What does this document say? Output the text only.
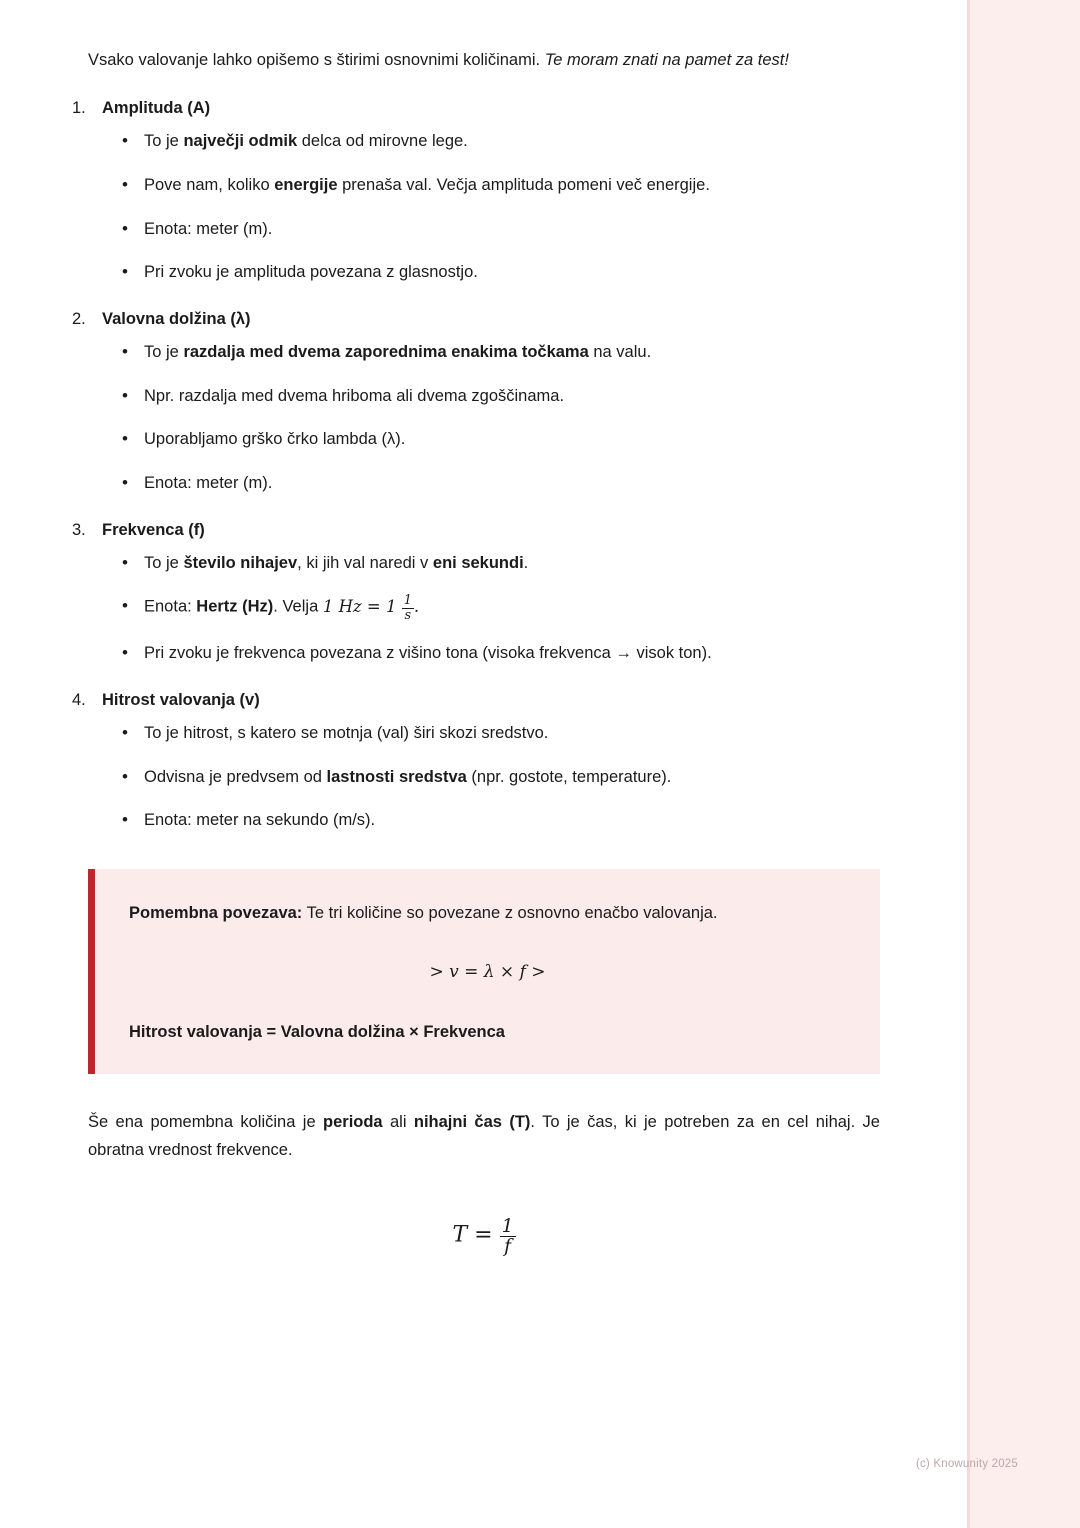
Vsako valovanje lahko opišemo s štirimi osnovnimi količinami. Te moram znati na pamet za test!

1. Amplituda (A)
• To je največji odmik delca od mirovne lege.
• Pove nam, koliko energije prenaša val. Večja amplituda pomeni več energije.
• Enota: meter (m).
• Pri zvoku je amplituda povezana z glasnostjo.
2. Valovna dolžina (λ)
• To je razdalja med dvema zaporednima enakima točkama na valu.
• Npr. razdalja med dvema hriboma ali dvema zgoščinama.
• Uporabljamo grško črko lambda (λ).
• Enota: meter (m).
3. Frekvenca (f)
• To je število nihajev, ki jih val naredi v eni sekundi.
• Enota: Hertz (Hz). Velja 1 $Hz = 1 \frac{1}{s}$ .
• Pri zvoku je frekvenca povezana z višino tona (visoka frekvenca → visok ton).
4. Hitrost valovanja (v)
• To je hitrost, s katero se motnja (val) širi skozi sredstvo.
• Odvisna je predvsem od lastnosti sredstva (npr. gostote, temperature).
• Enota: meter na sekundo (m/s).

Pomembna povezava: Te tri količine so povezane z osnovno enačbo valovanja.

> v = λ × f >

Hitrost valovanja = Valovna dolžina × Frekvenca

Še ena pomembna količina je perioda ali nihajni čas (T). To je čas, ki je potreben za en cel nihaj. Je obratna vrednost frekvence.

$T = \frac{1}{f}$
(c) Knowunity 2025
